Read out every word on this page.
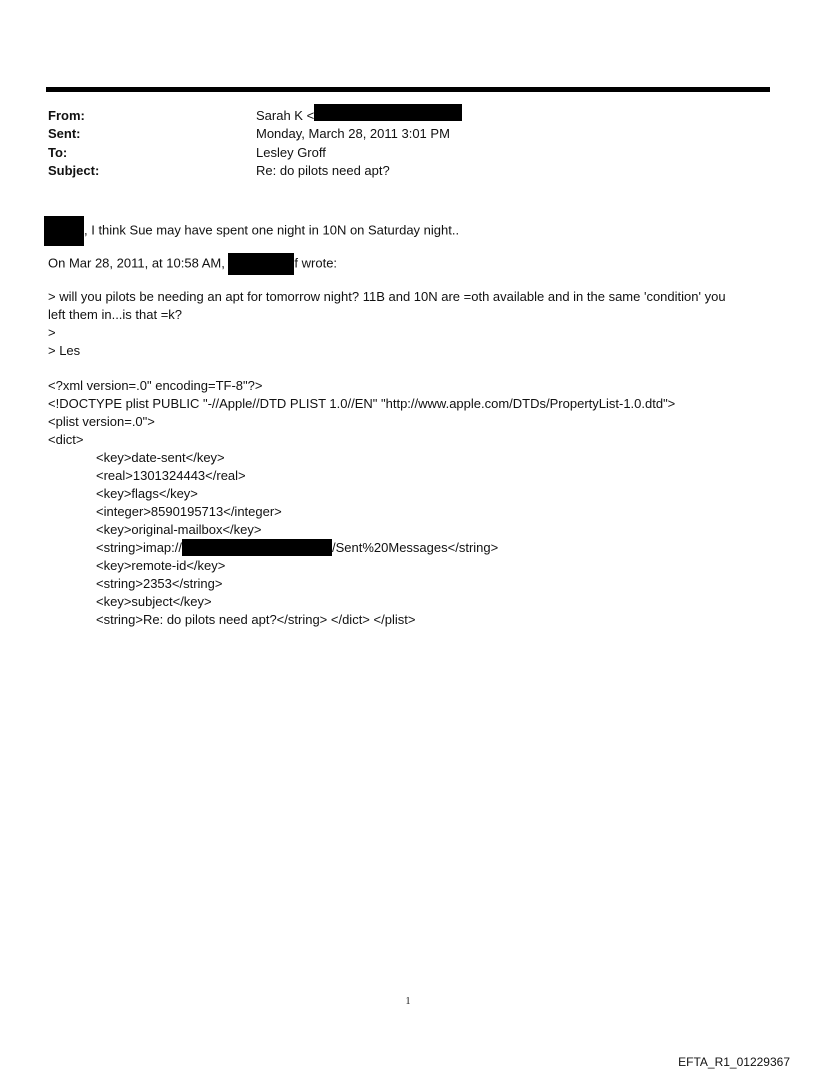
From:	Sarah K <
Sent:	Monday, March 28, 2011 3:01 PM
To:	Lesley Groff
Subject:	Re: do pilots need apt?
, I think Sue may have spent one night in 10N on Saturday night..
On Mar 28, 2011, at 10:58 AM,	f wrote:
> will you pilots be needing an apt for tomorrow night? 11B and 10N are =oth available and in the same 'condition' you
left them in...is that =k?
>
> Les
<?xml version=.0" encoding=TF-8"?>
<!DOCTYPE plist PUBLIC "-//Apple//DTD PLIST 1.0//EN" "http://www.apple.com/DTDs/PropertyList-1.0.dtd">
<plist version=.0">
<dict>
<key>date-sent</key>
<real>1301324443</real>
<key>flags</key>
<integer>8590195713</integer>
<key>original-mailbox</key>
<string>imap://	/Sent%20Messages</string>
<key>remote-id</key>
<string>2353</string>
<key>subject</key>
<string>Re: do pilots need apt?</string> </dict> </plist>
1
EFTA_R1_01229367
